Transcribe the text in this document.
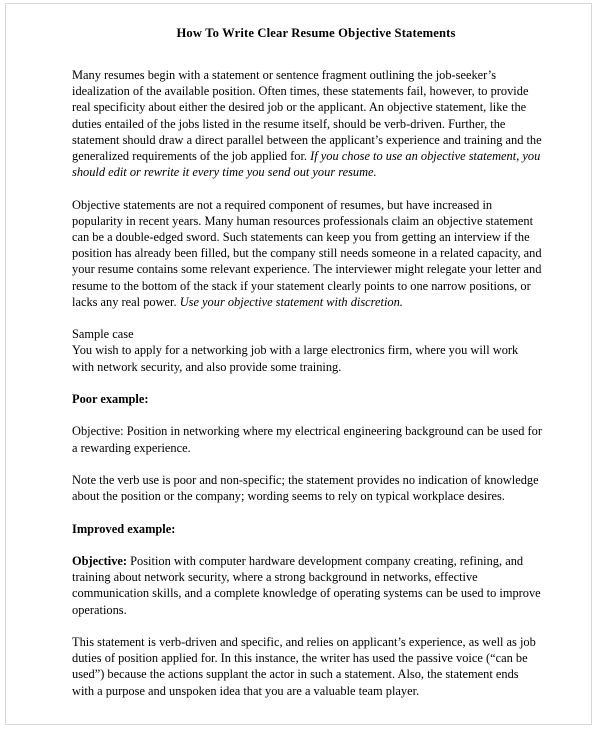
How To Write Clear Resume Objective Statements

Many resumes begin with a statement or sentence fragment outlining the job-seeker’s idealization of the available position. Often times, these statements fail, however, to provide real specificity about either the desired job or the applicant. An objective statement, like the duties entailed of the jobs listed in the resume itself, should be verb-driven. Further, the statement should draw a direct parallel between the applicant’s experience and training and the generalized requirements of the job applied for. If you chose to use an objective statement, you should edit or rewrite it every time you send out your resume.

Objective statements are not a required component of resumes, but have increased in popularity in recent years. Many human resources professionals claim an objective statement can be a double-edged sword. Such statements can keep you from getting an interview if the position has already been filled, but the company still needs someone in a related capacity, and your resume contains some relevant experience. The interviewer might relegate your letter and resume to the bottom of the stack if your statement clearly points to one narrow positions, or lacks any real power. Use your objective statement with discretion.

Sample case

You wish to apply for a networking job with a large electronics firm, where you will work with network security, and also provide some training.

Poor example:

Objective: Position in networking where my electrical engineering background can be used for a rewarding experience.

Note the verb use is poor and non-specific; the statement provides no indication of knowledge about the position or the company; wording seems to rely on typical workplace desires.

Improved example:

Objective: Position with computer hardware development company creating, refining, and training about network security, where a strong background in networks, effective communication skills, and a complete knowledge of operating systems can be used to improve operations.

This statement is verb-driven and specific, and relies on applicant’s experience, as well as job duties of position applied for. In this instance, the writer has used the passive voice (“can be used”) because the actions supplant the actor in such a statement. Also, the statement ends with a purpose and unspoken idea that you are a valuable team player.
